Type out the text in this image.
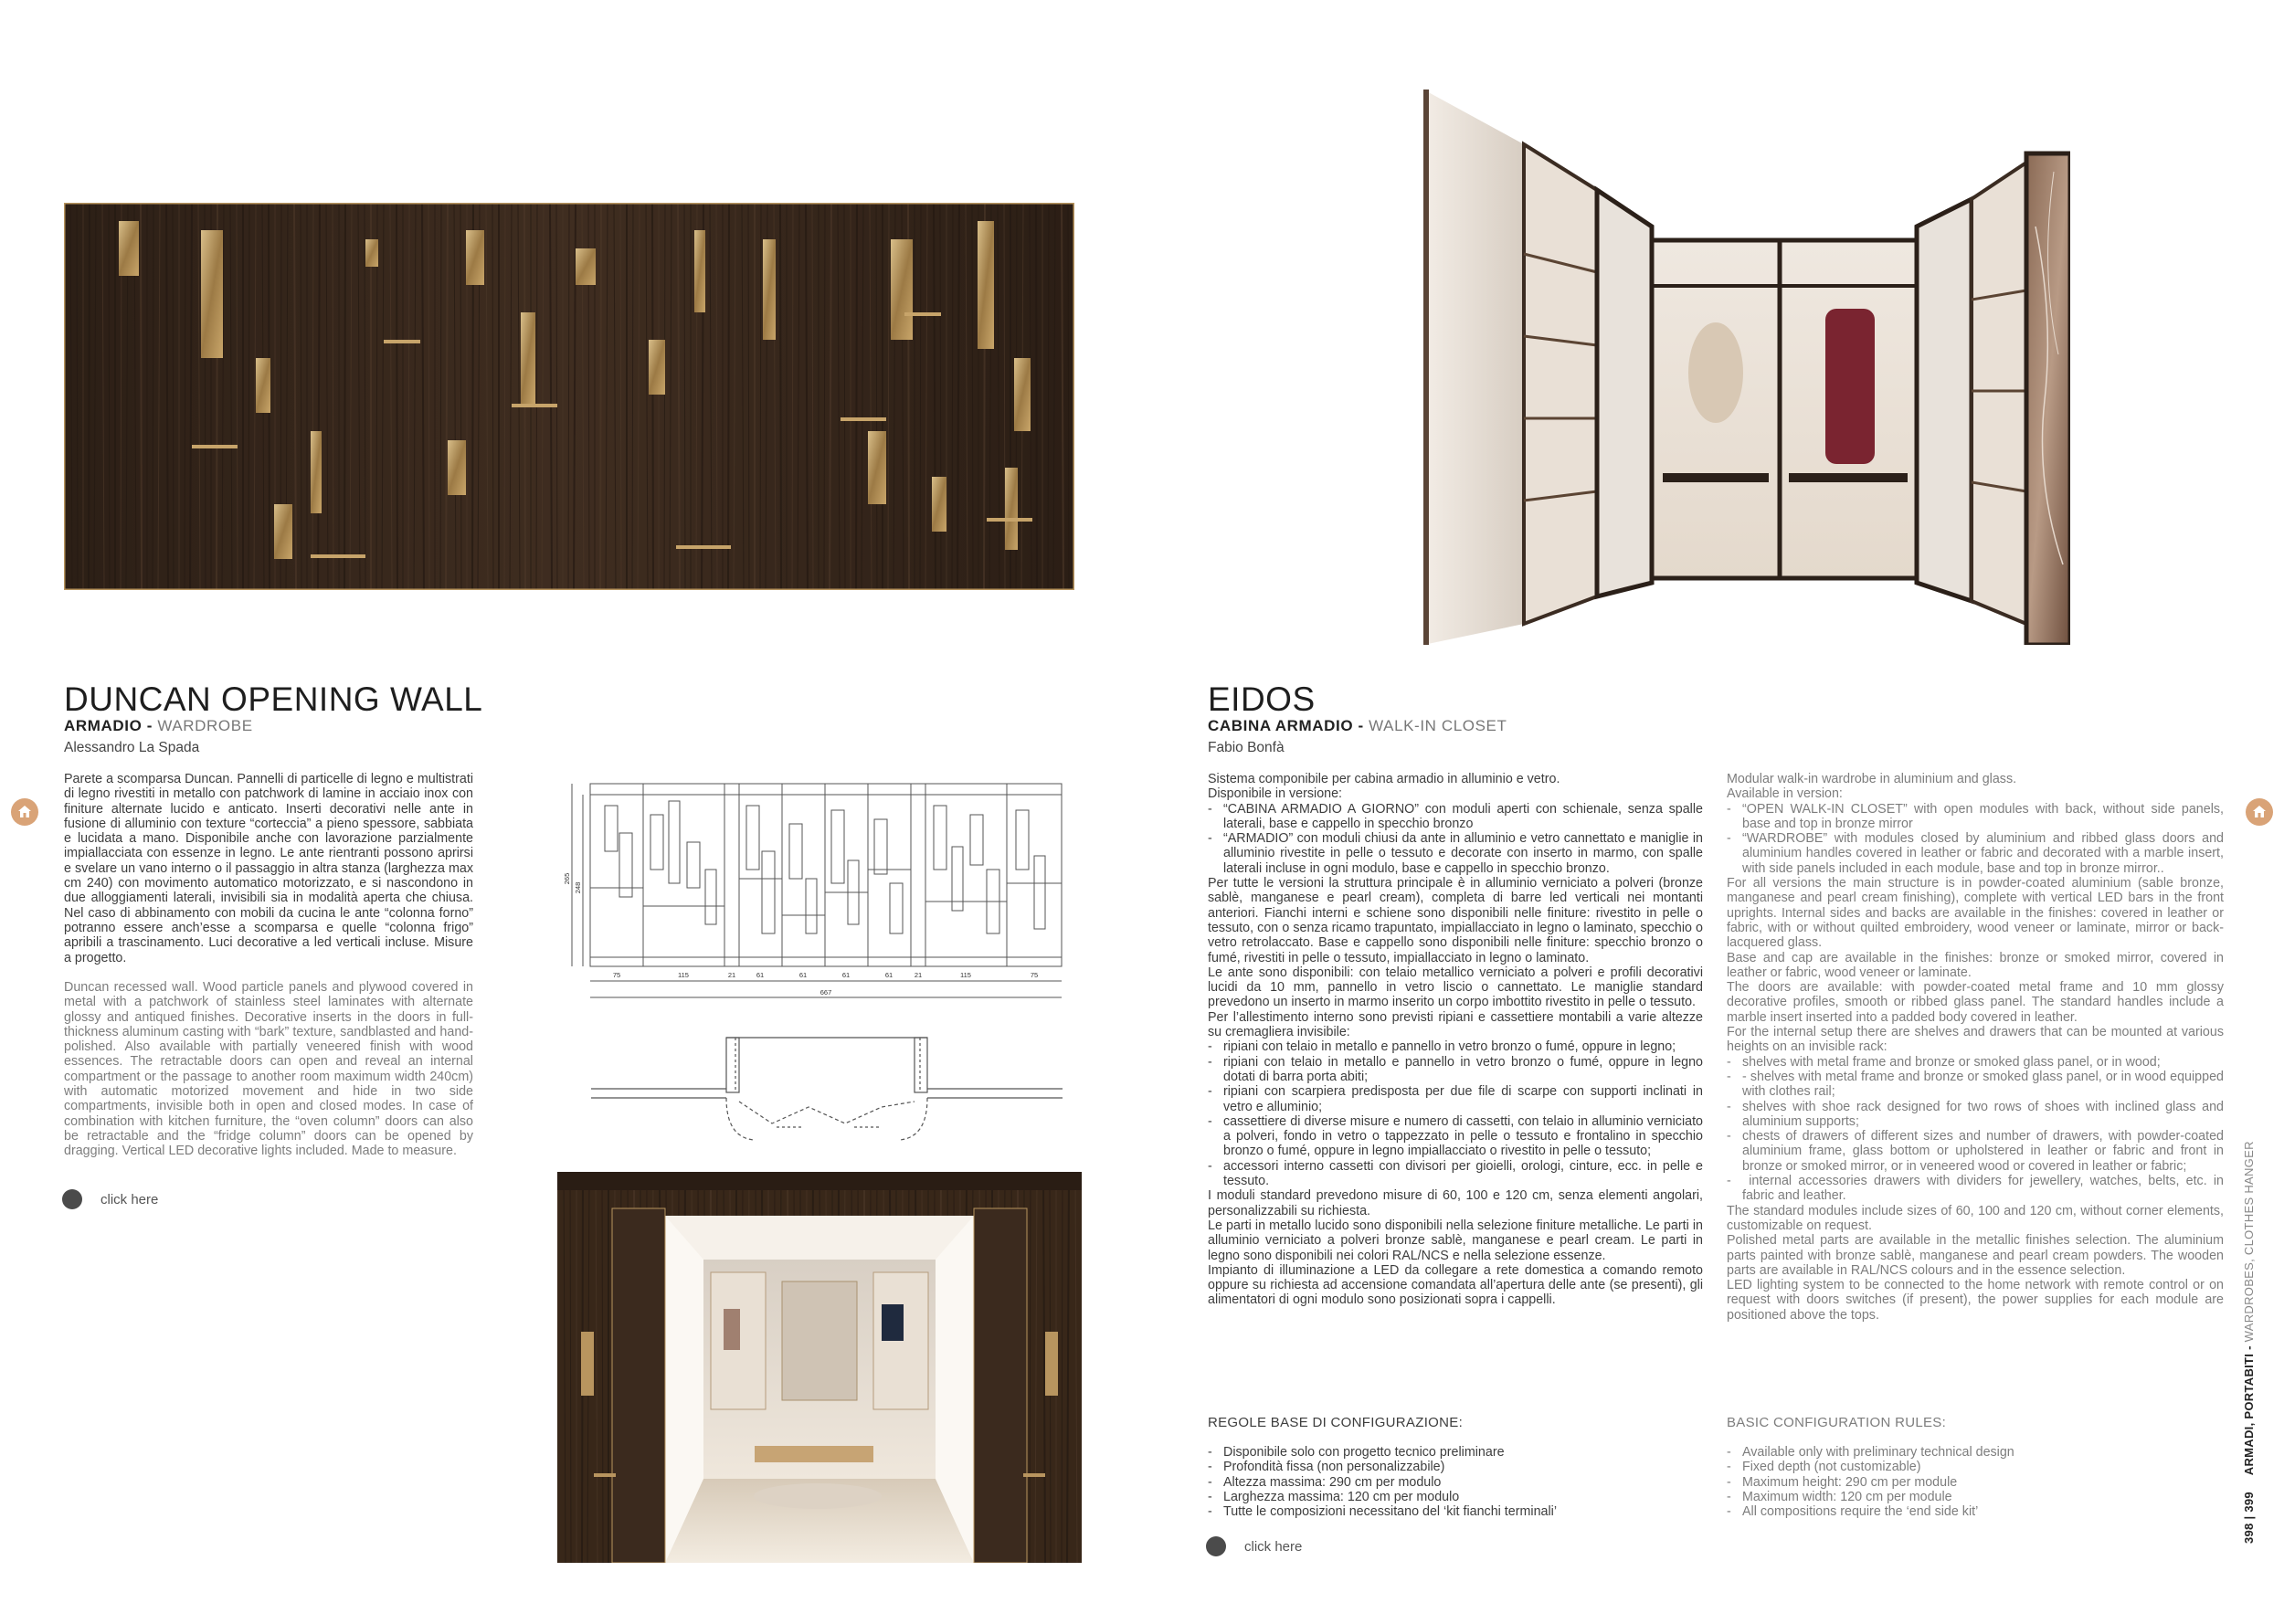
DUNCAN OPENING WALL
ARMADIO - WARDROBE
Alessandro La Spada

Parete a scomparsa Duncan. Pannelli di particelle di legno e multistrati di legno rivestiti in metallo con patchwork di lamine in acciaio inox con finiture alternate lucido e anticato. Inserti decorativi nelle ante in fusione di alluminio con texture “corteccia” a pieno spessore, sabbiata e lucidata a mano. Disponibile anche con lavorazione parzialmente impiallacciata con essenze in legno. Le ante rientranti possono aprirsi e svelare un vano interno o il passaggio in altra stanza (larghezza max cm 240) con movimento automatico motorizzato, e si nascondono in due alloggiamenti laterali, invisibili sia in modalità aperta che chiusa. Nel caso di abbinamento con mobili da cucina le ante “colonna forno” potranno essere anch’esse a scomparsa e quelle “colonna frigo” apribili a trascinamento. Luci decorative a led verticali incluse. Misure a progetto.

Duncan recessed wall. Wood particle panels and plywood covered in metal with a patchwork of stainless steel laminates with alternate glossy and antiqued finishes. Decorative inserts in the doors in full-thickness aluminum casting with “bark” texture, sandblasted and hand-polished. Also available with partially veneered finish with wood essences. The retractable doors can open and reveal an internal compartment or the passage to another room maximum width 240cm) with automatic motorized movement and hide in two side compartments, invisible both in open and closed modes. In case of combination with kitchen furniture, the “oven column” doors can also be retractable and the “fridge column” doors can be opened by dragging. Vertical LED decorative lights included. Made to measure.

click here
265
248
75	115	21	61	61	61	61	21	115	75
667
EIDOS
CABINA ARMADIO - WALK-IN CLOSET
Fabio Bonfà

Sistema componibile per cabina armadio in alluminio e vetro.

Disponibile in versione:

- “CABINA ARMADIO A GIORNO” con moduli aperti con schienale, senza spalle laterali, base e cappello in specchio bronzo
- “ARMADIO” con moduli chiusi da ante in alluminio e vetro cannettato e maniglie in alluminio rivestite in pelle o tessuto e decorate con inserto in marmo, con spalle laterali incluse in ogni modulo, base e cappello in specchio bronzo.

Per tutte le versioni la struttura principale è in alluminio verniciato a polveri (bronze sablè, manganese e pearl cream), completa di barre led verticali nei montanti anteriori. Fianchi interni e schiene sono disponibili nelle finiture: rivestito in pelle o tessuto, con o senza ricamo trapuntato, impiallacciato in legno o laminato, specchio o vetro retrolaccato. Base e cappello sono disponibili nelle finiture: specchio bronzo o fumé, rivestiti in pelle o tessuto, impiallacciato in legno o laminato.

Le ante sono disponibili: con telaio metallico verniciato a polveri e profili decorativi lucidi da 10 mm, pannello in vetro liscio o cannettato. Le maniglie standard prevedono un inserto in marmo inserito un corpo imbottito rivestito in pelle o tessuto.

Per l’allestimento interno sono previsti ripiani e cassettiere montabili a varie altezze su cremagliera invisibile:

- ripiani con telaio in metallo e pannello in vetro bronzo o fumé, oppure in legno;
- ripiani con telaio in metallo e pannello in vetro bronzo o fumé, oppure in legno dotati di barra porta abiti;
- ripiani con scarpiera predisposta per due file di scarpe con supporti inclinati in vetro e alluminio;
- cassettiere di diverse misure e numero di cassetti, con telaio in alluminio verniciato a polveri, fondo in vetro o tappezzato in pelle o tessuto e frontalino in specchio bronzo o fumé, oppure in legno impiallacciato o rivestito in pelle o tessuto;
- accessori interno cassetti con divisori per gioielli, orologi, cinture, ecc. in pelle e tessuto.

I moduli standard prevedono misure di 60, 100 e 120 cm, senza elementi angolari, personalizzabili su richiesta.

Le parti in metallo lucido sono disponibili nella selezione finiture metalliche. Le parti in alluminio verniciato a polveri bronze sablè, manganese e pearl cream. Le parti in legno sono disponibili nei colori RAL/NCS e nella selezione essenze.

Impianto di illuminazione a LED da collegare a rete domestica a comando remoto oppure su richiesta ad accensione comandata all’apertura delle ante (se presenti), gli alimentatori di ogni modulo sono posizionati sopra i cappelli.

Modular walk-in wardrobe in aluminium and glass.

Available in version:

- “OPEN WALK-IN CLOSET” with open modules with back, without side panels, base and top in bronze mirror
- “WARDROBE” with modules closed by aluminium and ribbed glass doors and aluminium handles covered in leather or fabric and decorated with a marble insert, with side panels included in each module, base and top in bronze mirror..

For all versions the main structure is in powder-coated aluminium (sable bronze, manganese and pearl cream finishing), complete with vertical LED bars in the front uprights. Internal sides and backs are available in the finishes: covered in leather or fabric, with or without quilted embroidery, wood veneer or laminate, mirror or back-lacquered glass.

Base and cap are available in the finishes: bronze or smoked mirror, covered in leather or fabric, wood veneer or laminate.

The doors are available: with powder-coated metal frame and 10 mm glossy decorative profiles, smooth or ribbed glass panel. The standard handles include a marble insert inserted into a padded body covered in leather.

For the internal setup there are shelves and drawers that can be mounted at various heights on an invisible rack:

- shelves with metal frame and bronze or smoked glass panel, or in wood;
- - shelves with metal frame and bronze or smoked glass panel, or in wood equipped with clothes rail;
- shelves with shoe rack designed for two rows of shoes with inclined glass and aluminium supports;
- chests of drawers of different sizes and number of drawers, with powder-coated aluminium frame, glass bottom or upholstered in leather or fabric and front in bronze or smoked mirror, or in veneered wood or covered in leather or fabric;
- internal accessories drawers with dividers for jewellery, watches, belts, etc. in fabric and leather.

The standard modules include sizes of 60, 100 and 120 cm, without corner elements, customizable on request.

Polished metal parts are available in the metallic finishes selection. The aluminium parts painted with bronze sablè, manganese and pearl cream powders. The wooden parts are available in RAL/NCS colours and in the essence selection.

LED lighting system to be connected to the home network with remote control or on request with doors switches (if present), the power supplies for each module are positioned above the tops.

REGOLE BASE DI CONFIGURAZIONE:
- Disponibile solo con progetto tecnico preliminare
- Profondità fissa (non personalizzabile)
- Altezza massima: 290 cm per modulo
- Larghezza massima: 120 cm per modulo
- Tutte le composizioni necessitano del ‘kit fianchi terminali’
BASIC CONFIGURATION RULES:
- Available only with preliminary technical design
- Fixed depth (not customizable)
- Maximum height: 290 cm per module
- Maximum width: 120 cm per module
- All compositions require the ‘end side kit’
click here
398 | 399  ARMADI, PORTABITI - WARDROBES, CLOTHES HANGER
